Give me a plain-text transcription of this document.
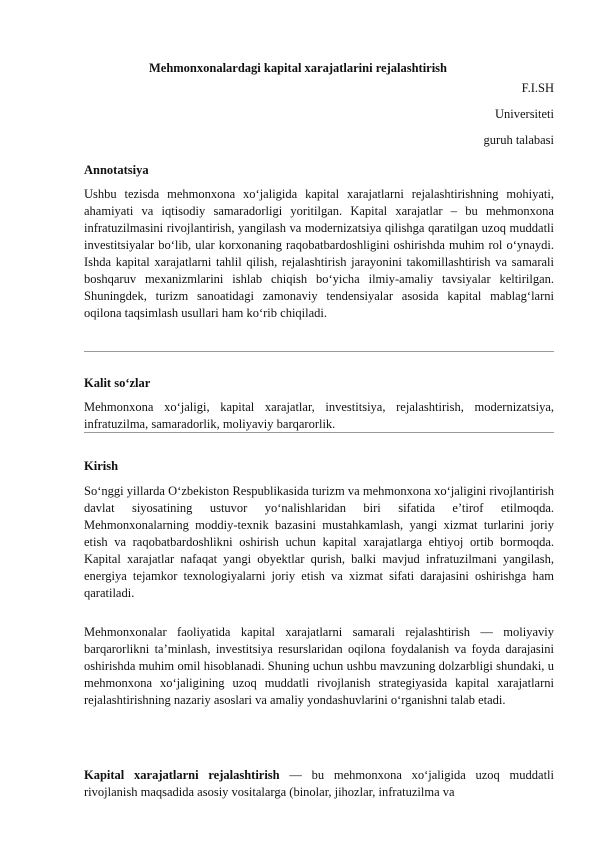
Mehmonxonalardagi kapital xarajatlarini rejalashtirish

F.I.SH

Universiteti

guruh talabasi

Annotatsiya

Ushbu tezisda mehmonxona xo‘jaligida kapital xarajatlarni rejalashtirishning mohiyati, ahamiyati va iqtisodiy samaradorligi yoritilgan. Kapital xarajatlar – bu mehmonxona infratuzilmasini rivojlantirish, yangilash va modernizatsiya qilishga qaratilgan uzoq muddatli investitsiyalar bo‘lib, ular korxonaning raqobatbardoshligini oshirishda muhim rol o‘ynaydi. Ishda kapital xarajatlarni tahlil qilish, rejalashtirish jarayonini takomillashtirish va samarali boshqaruv mexanizmlarini ishlab chiqish bo‘yicha ilmiy-amaliy tavsiyalar keltirilgan. Shuningdek, turizm sanoatidagi zamonaviy tendensiyalar asosida kapital mablag‘larni oqilona taqsimlash usullari ham ko‘rib chiqiladi.

Kalit so‘zlar

Mehmonxona xo‘jaligi, kapital xarajatlar, investitsiya, rejalashtirish, modernizatsiya, infratuzilma, samaradorlik, moliyaviy barqarorlik.

Kirish

So‘nggi yillarda O‘zbekiston Respublikasida turizm va mehmonxona xo‘jaligini rivojlantirish davlat siyosatining ustuvor yo‘nalishlaridan biri sifatida e’tirof etilmoqda. Mehmonxonalarning moddiy-texnik bazasini mustahkamlash, yangi xizmat turlarini joriy etish va raqobatbardoshlikni oshirish uchun kapital xarajatlarga ehtiyoj ortib bormoqda. Kapital xarajatlar nafaqat yangi obyektlar qurish, balki mavjud infratuzilmani yangilash, energiya tejamkor texnologiyalarni joriy etish va xizmat sifati darajasini oshirishga ham qaratiladi.

Mehmonxonalar faoliyatida kapital xarajatlarni samarali rejalashtirish — moliyaviy barqarorlikni ta’minlash, investitsiya resurslaridan oqilona foydalanish va foyda darajasini oshirishda muhim omil hisoblanadi. Shuning uchun ushbu mavzuning dolzarbligi shundaki, u mehmonxona xo‘jaligining uzoq muddatli rivojlanish strategiyasida kapital xarajatlarni rejalashtirishning nazariy asoslari va amaliy yondashuvlarini o‘rganishni talab etadi.

Kapital xarajatlarni rejalashtirish — bu mehmonxona xo‘jaligida uzoq muddatli rivojlanish maqsadida asosiy vositalarga (binolar, jihozlar, infratuzilma va
